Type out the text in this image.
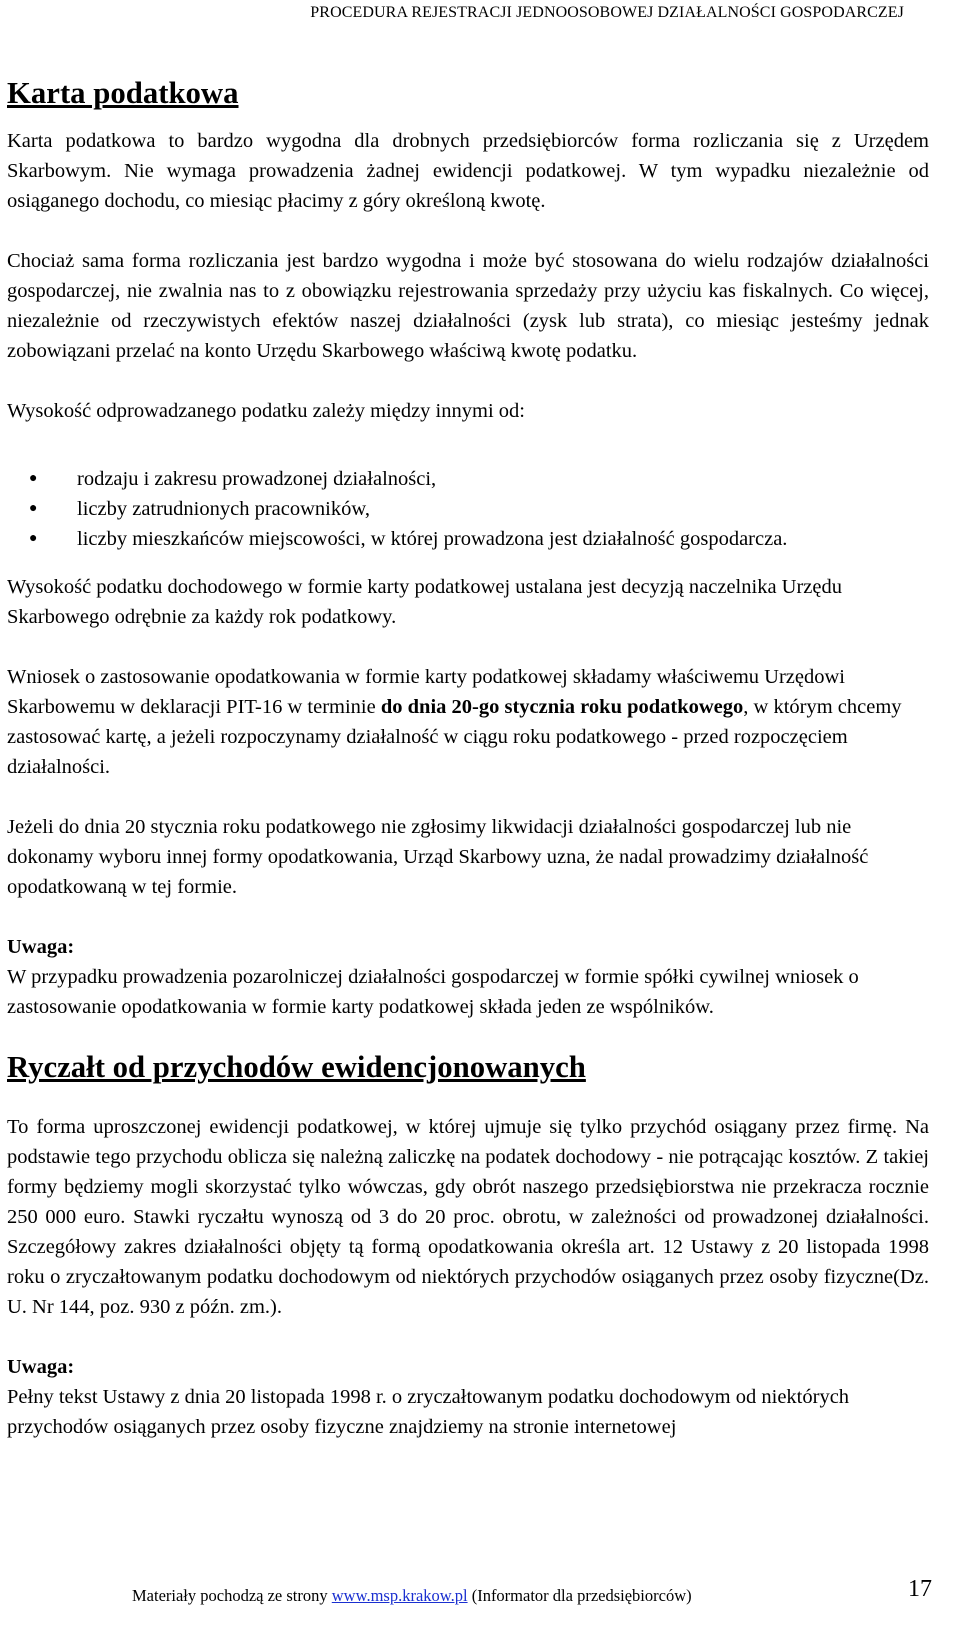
PROCEDURA REJESTRACJI JEDNOOSOBOWEJ DZIAŁALNOŚCI GOSPODARCZEJ
Karta podatkowa

Karta podatkowa to bardzo wygodna dla drobnych przedsiębiorców forma rozliczania się z Urzędem Skarbowym. Nie wymaga prowadzenia żadnej ewidencji podatkowej. W tym wypadku niezależnie od osiąganego dochodu, co miesiąc płacimy z góry określoną kwotę.

Chociaż sama forma rozliczania jest bardzo wygodna i może być stosowana do wielu rodzajów działalności gospodarczej, nie zwalnia nas to z obowiązku rejestrowania sprzedaży przy użyciu kas fiskalnych. Co więcej, niezależnie od rzeczywistych efektów naszej działalności (zysk lub strata), co miesiąc jesteśmy jednak zobowiązani przelać na konto Urzędu Skarbowego właściwą kwotę podatku.

Wysokość odprowadzanego podatku zależy między innymi od:

● rodzaju i zakresu prowadzonej działalności,
● liczby zatrudnionych pracowników,
● liczby mieszkańców miejscowości, w której prowadzona jest działalność gospodarcza.

Wysokość podatku dochodowego w formie karty podatkowej ustalana jest decyzją naczelnika Urzędu Skarbowego odrębnie za każdy rok podatkowy.

Wniosek o zastosowanie opodatkowania w formie karty podatkowej składamy właściwemu Urzędowi Skarbowemu w deklaracji PIT-16 w terminie do dnia 20-go stycznia roku podatkowego, w którym chcemy zastosować kartę, a jeżeli rozpoczynamy działalność w ciągu roku podatkowego - przed rozpoczęciem działalności.

Jeżeli do dnia 20 stycznia roku podatkowego nie zgłosimy likwidacji działalności gospodarczej lub nie dokonamy wyboru innej formy opodatkowania, Urząd Skarbowy uzna, że nadal prowadzimy działalność opodatkowaną w tej formie.

Uwaga:
W przypadku prowadzenia pozarolniczej działalności gospodarczej w formie spółki cywilnej wniosek o zastosowanie opodatkowania w formie karty podatkowej składa jeden ze wspólników.

Ryczałt od przychodów ewidencjonowanych

To forma uproszczonej ewidencji podatkowej, w której ujmuje się tylko przychód osiągany przez firmę. Na podstawie tego przychodu oblicza się należną zaliczkę na podatek dochodowy - nie potrącając kosztów. Z takiej formy będziemy mogli skorzystać tylko wówczas, gdy obrót naszego przedsiębiorstwa nie przekracza rocznie 250 000 euro. Stawki ryczałtu wynoszą od 3 do 20 proc. obrotu, w zależności od prowadzonej działalności. Szczegółowy zakres działalności objęty tą formą opodatkowania określa art. 12 Ustawy z 20 listopada 1998 roku o zryczałtowanym podatku dochodowym od niektórych przychodów osiąganych przez osoby fizyczne(Dz. U. Nr 144, poz. 930 z późn. zm.).

Uwaga:
Pełny tekst Ustawy z dnia 20 listopada 1998 r. o zryczałtowanym podatku dochodowym od niektórych przychodów osiąganych przez osoby fizyczne znajdziemy na stronie internetowej

Materiały pochodzą ze strony www.msp.krakow.pl (Informator dla przedsiębiorców)	17
